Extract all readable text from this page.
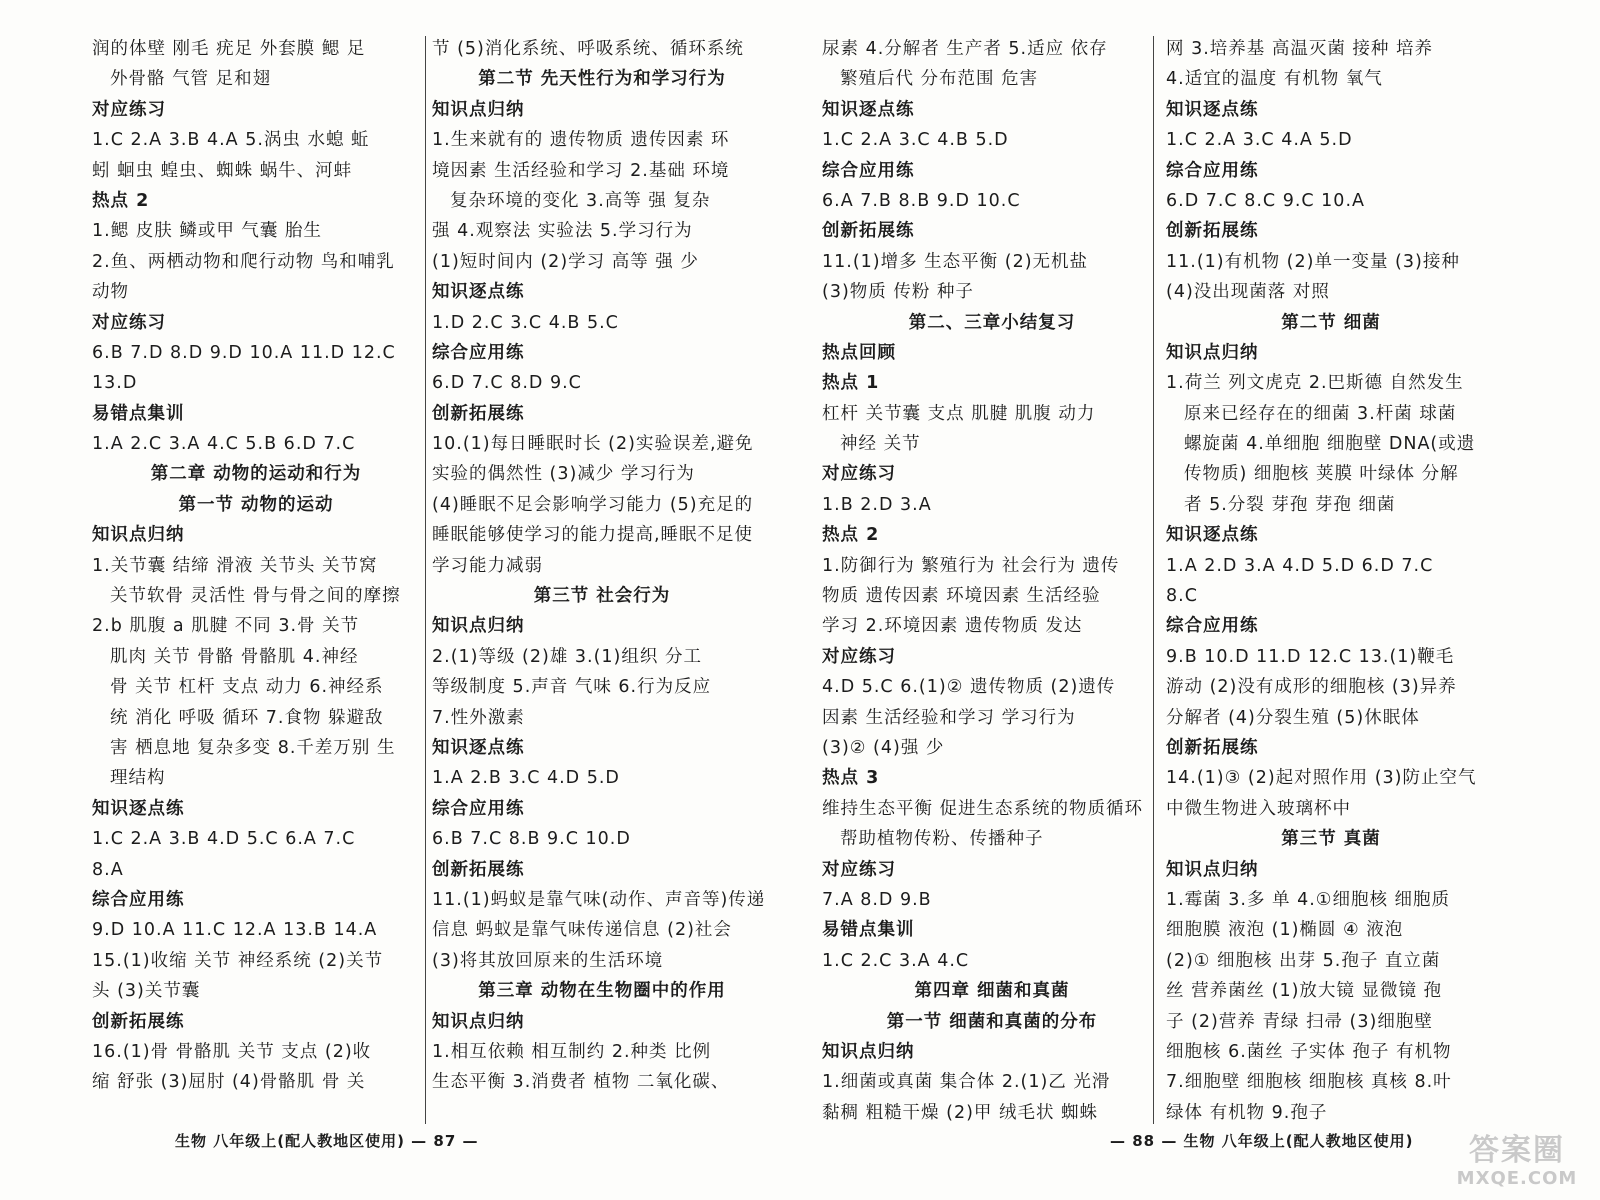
润的体壁 刚毛 疣足 外套膜 鳃 足
外骨骼 气管 足和翅
对应练习
1.C 2.A 3.B 4.A 5.涡虫 水螅 蚯
蚓 蛔虫 蝗虫、蜘蛛 蜗牛、河蚌
热点 2
1.鳃 皮肤 鳞或甲 气囊 胎生
2.鱼、两栖动物和爬行动物 鸟和哺乳
动物
对应练习
6.B 7.D 8.D 9.D 10.A 11.D 12.C
13.D
易错点集训
1.A 2.C 3.A 4.C 5.B 6.D 7.C
第二章 动物的运动和行为
第一节 动物的运动
知识点归纳
1.关节囊 结缔 滑液 关节头 关节窝
关节软骨 灵活性 骨与骨之间的摩擦
2.b 肌腹 a 肌腱 不同 3.骨 关节
肌肉 关节 骨骼 骨骼肌 4.神经
骨 关节 杠杆 支点 动力 6.神经系
统 消化 呼吸 循环 7.食物 躲避敌
害 栖息地 复杂多变 8.千差万别 生
理结构
知识逐点练
1.C 2.A 3.B 4.D 5.C 6.A 7.C
8.A
综合应用练
9.D 10.A 11.C 12.A 13.B 14.A
15.(1)收缩 关节 神经系统 (2)关节
头 (3)关节囊
创新拓展练
16.(1)骨 骨骼肌 关节 支点 (2)收
缩 舒张 (3)屈肘 (4)骨骼肌 骨 关
节 (5)消化系统、呼吸系统、循环系统
第二节 先天性行为和学习行为
知识点归纳
1.生来就有的 遗传物质 遗传因素 环
境因素 生活经验和学习 2.基础 环境
复杂环境的变化 3.高等 强 复杂
强 4.观察法 实验法 5.学习行为
(1)短时间内 (2)学习 高等 强 少
知识逐点练
1.D 2.C 3.C 4.B 5.C
综合应用练
6.D 7.C 8.D 9.C
创新拓展练
10.(1)每日睡眠时长 (2)实验误差,避免
实验的偶然性 (3)减少 学习行为
(4)睡眠不足会影响学习能力 (5)充足的
睡眠能够使学习的能力提高,睡眠不足使
学习能力减弱
第三节 社会行为
知识点归纳
2.(1)等级 (2)雄 3.(1)组织 分工
等级制度 5.声音 气味 6.行为反应
7.性外激素
知识逐点练
1.A 2.B 3.C 4.D 5.D
综合应用练
6.B 7.C 8.B 9.C 10.D
创新拓展练
11.(1)蚂蚁是靠气味(动作、声音等)传递
信息 蚂蚁是靠气味传递信息 (2)社会
(3)将其放回原来的生活环境
第三章 动物在生物圈中的作用
知识点归纳
1.相互依赖 相互制约 2.种类 比例
生态平衡 3.消费者 植物 二氧化碳、
生物 八年级上(配人教地区使用) — 87 —
尿素 4.分解者 生产者 5.适应 依存
繁殖后代 分布范围 危害
知识逐点练
1.C 2.A 3.C 4.B 5.D
综合应用练
6.A 7.B 8.B 9.D 10.C
创新拓展练
11.(1)增多 生态平衡 (2)无机盐
(3)物质 传粉 种子
第二、三章小结复习
热点回顾
热点 1
杠杆 关节囊 支点 肌腱 肌腹 动力
神经 关节
对应练习
1.B 2.D 3.A
热点 2
1.防御行为 繁殖行为 社会行为 遗传
物质 遗传因素 环境因素 生活经验
学习 2.环境因素 遗传物质 发达
对应练习
4.D 5.C 6.(1)② 遗传物质 (2)遗传
因素 生活经验和学习 学习行为
(3)② (4)强 少
热点 3
维持生态平衡 促进生态系统的物质循环
帮助植物传粉、传播种子
对应练习
7.A 8.D 9.B
易错点集训
1.C 2.C 3.A 4.C
第四章 细菌和真菌
第一节 细菌和真菌的分布
知识点归纳
1.细菌或真菌 集合体 2.(1)乙 光滑
黏稠 粗糙干燥 (2)甲 绒毛状 蜘蛛
网 3.培养基 高温灭菌 接种 培养
4.适宜的温度 有机物 氧气
知识逐点练
1.C 2.A 3.C 4.A 5.D
综合应用练
6.D 7.C 8.C 9.C 10.A
创新拓展练
11.(1)有机物 (2)单一变量 (3)接种
(4)没出现菌落 对照
第二节 细菌
知识点归纳
1.荷兰 列文虎克 2.巴斯德 自然发生
原来已经存在的细菌 3.杆菌 球菌
螺旋菌 4.单细胞 细胞壁 DNA(或遗
传物质) 细胞核 荚膜 叶绿体 分解
者 5.分裂 芽孢 芽孢 细菌
知识逐点练
1.A 2.D 3.A 4.D 5.D 6.D 7.C
8.C
综合应用练
9.B 10.D 11.D 12.C 13.(1)鞭毛
游动 (2)没有成形的细胞核 (3)异养
分解者 (4)分裂生殖 (5)休眠体
创新拓展练
14.(1)③ (2)起对照作用 (3)防止空气
中微生物进入玻璃杯中
第三节 真菌
知识点归纳
1.霉菌 3.多 单 4.①细胞核 细胞质
细胞膜 液泡 (1)椭圆 ④ 液泡
(2)① 细胞核 出芽 5.孢子 直立菌
丝 营养菌丝 (1)放大镜 显微镜 孢
子 (2)营养 青绿 扫帚 (3)细胞壁
细胞核 6.菌丝 子实体 孢子 有机物
7.细胞壁 细胞核 细胞核 真核 8.叶
绿体 有机物 9.孢子
— 88 — 生物 八年级上(配人教地区使用)	答案圈
MXQE.COM
